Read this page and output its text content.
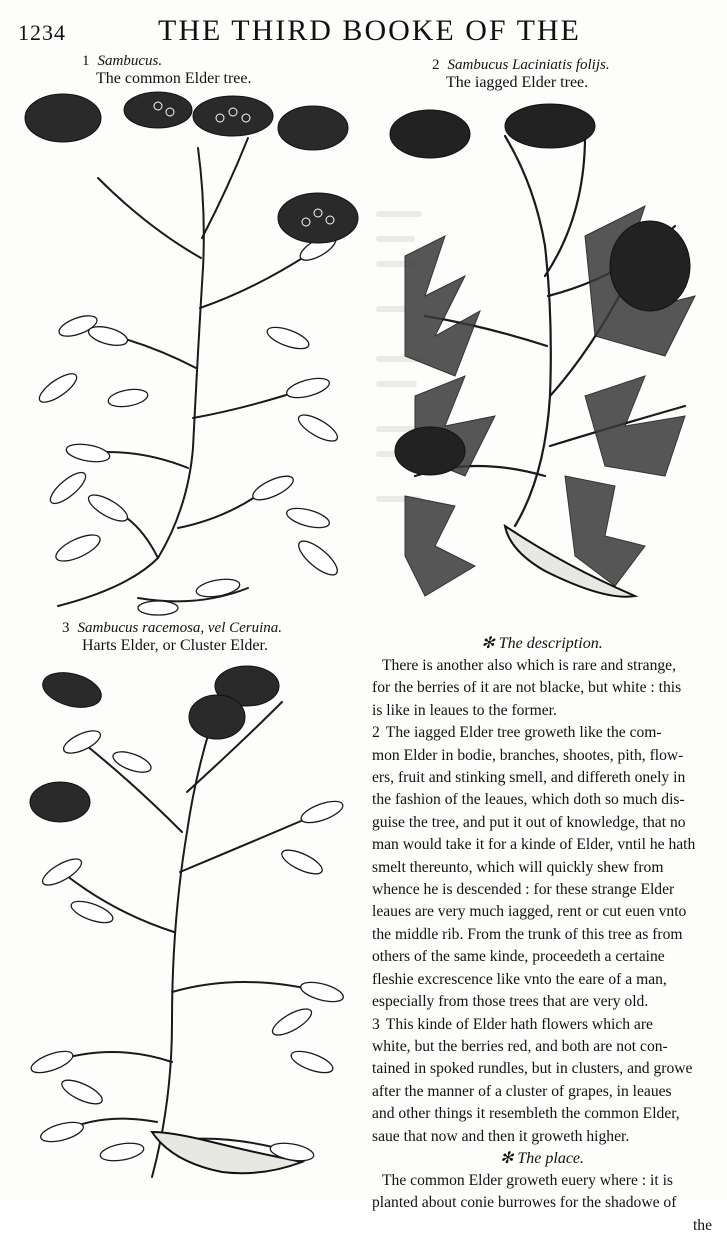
1234	THE THIRD BOOKE OF THE
1 Sambucus.
The common Elder tree.
2 Sambucus Laciniatis folijs.
The iagged Elder tree.
3 Sambucus racemosa, vel Ceruina.
Harts Elder, or Cluster Elder.	✻ The description.
There is another also which is rare and strange,
for the berries of it are not blacke, but white : this
is like in leaues to the former.
2 The iagged Elder tree groweth like the com-
mon Elder in bodie, branches, shootes, pith, flow-
ers, fruit and stinking smell, and differeth onely in
the fashion of the leaues, which doth so much dis-
guise the tree, and put it out of knowledge, that no
man would take it for a kinde of Elder, vntil he hath
smelt thereunto, which will quickly shew from
whence he is descended : for these strange Elder
leaues are very much iagged, rent or cut euen vnto
the middle rib. From the trunk of this tree as from
others of the same kinde, proceedeth a certaine
fleshie excrescence like vnto the eare of a man,
especially from those trees that are very old.
3 This kinde of Elder hath flowers which are
white, but the berries red, and both are not con-
tained in spoked rundles, but in clusters, and growe
after the manner of a cluster of grapes, in leaues
and other things it resembleth the common Elder,
saue that now and then it groweth higher.
✻ The place.
The common Elder groweth euery where : it is
planted about conie burrowes for the shadowe of
the
